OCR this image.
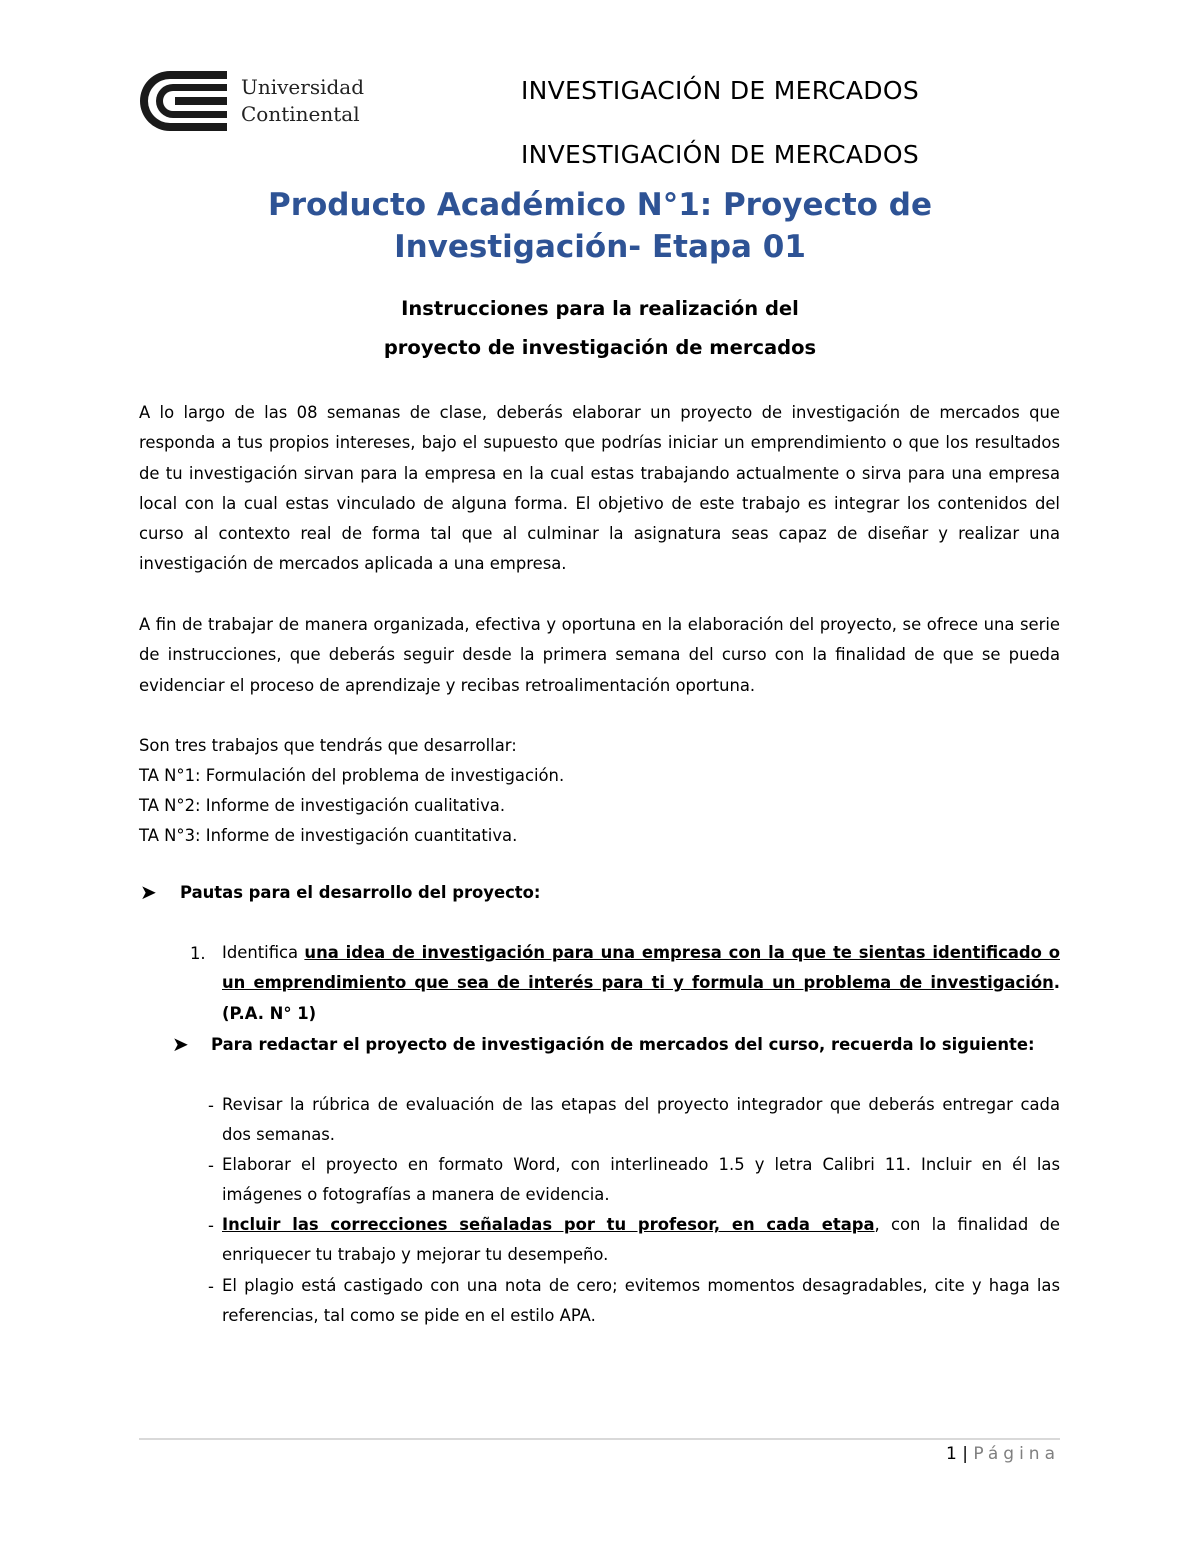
Universidad
Continental
INVESTIGACIÓN DE MERCADOS
INVESTIGACIÓN DE MERCADOS
Producto Académico N°1: Proyecto de
Investigación- Etapa 01
Instrucciones para la realización del
proyecto de investigación de mercados
A lo largo de las 08 semanas de clase, deberás elaborar un proyecto de investigación de mercados que responda a tus propios intereses, bajo el supuesto que podrías iniciar un emprendimiento o que los resultados de tu investigación sirvan para la empresa en la cual estas trabajando actualmente o sirva para una empresa local con la cual estas vinculado de alguna forma. El objetivo de este trabajo es integrar los contenidos del curso al contexto real de forma tal que al culminar la asignatura seas capaz de diseñar y realizar una investigación de mercados aplicada a una empresa.
A fin de trabajar de manera organizada, efectiva y oportuna en la elaboración del proyecto, se ofrece una serie de instrucciones, que deberás seguir desde la primera semana del curso con la finalidad de que se pueda evidenciar el proceso de aprendizaje y recibas retroalimentación oportuna.
Son tres trabajos que tendrás que desarrollar:
TA N°1: Formulación del problema de investigación.
TA N°2: Informe de investigación cualitativa.
TA N°3: Informe de investigación cuantitativa.
➤ Pautas para el desarrollo del proyecto:
1. Identifica una idea de investigación para una empresa con la que te sientas identificado o un emprendimiento que sea de interés para ti y formula un problema de investigación. (P.A. N° 1)
➤ Para redactar el proyecto de investigación de mercados del curso, recuerda lo siguiente:
- Revisar la rúbrica de evaluación de las etapas del proyecto integrador que deberás entregar cada dos semanas.
- Elaborar el proyecto en formato Word, con interlineado 1.5 y letra Calibri 11. Incluir en él las imágenes o fotografías a manera de evidencia.
- Incluir las correcciones señaladas por tu profesor, en cada etapa, con la finalidad de enriquecer tu trabajo y mejorar tu desempeño.
- El plagio está castigado con una nota de cero; evitemos momentos desagradables, cite y haga las referencias, tal como se pide en el estilo APA.
1 | Página
